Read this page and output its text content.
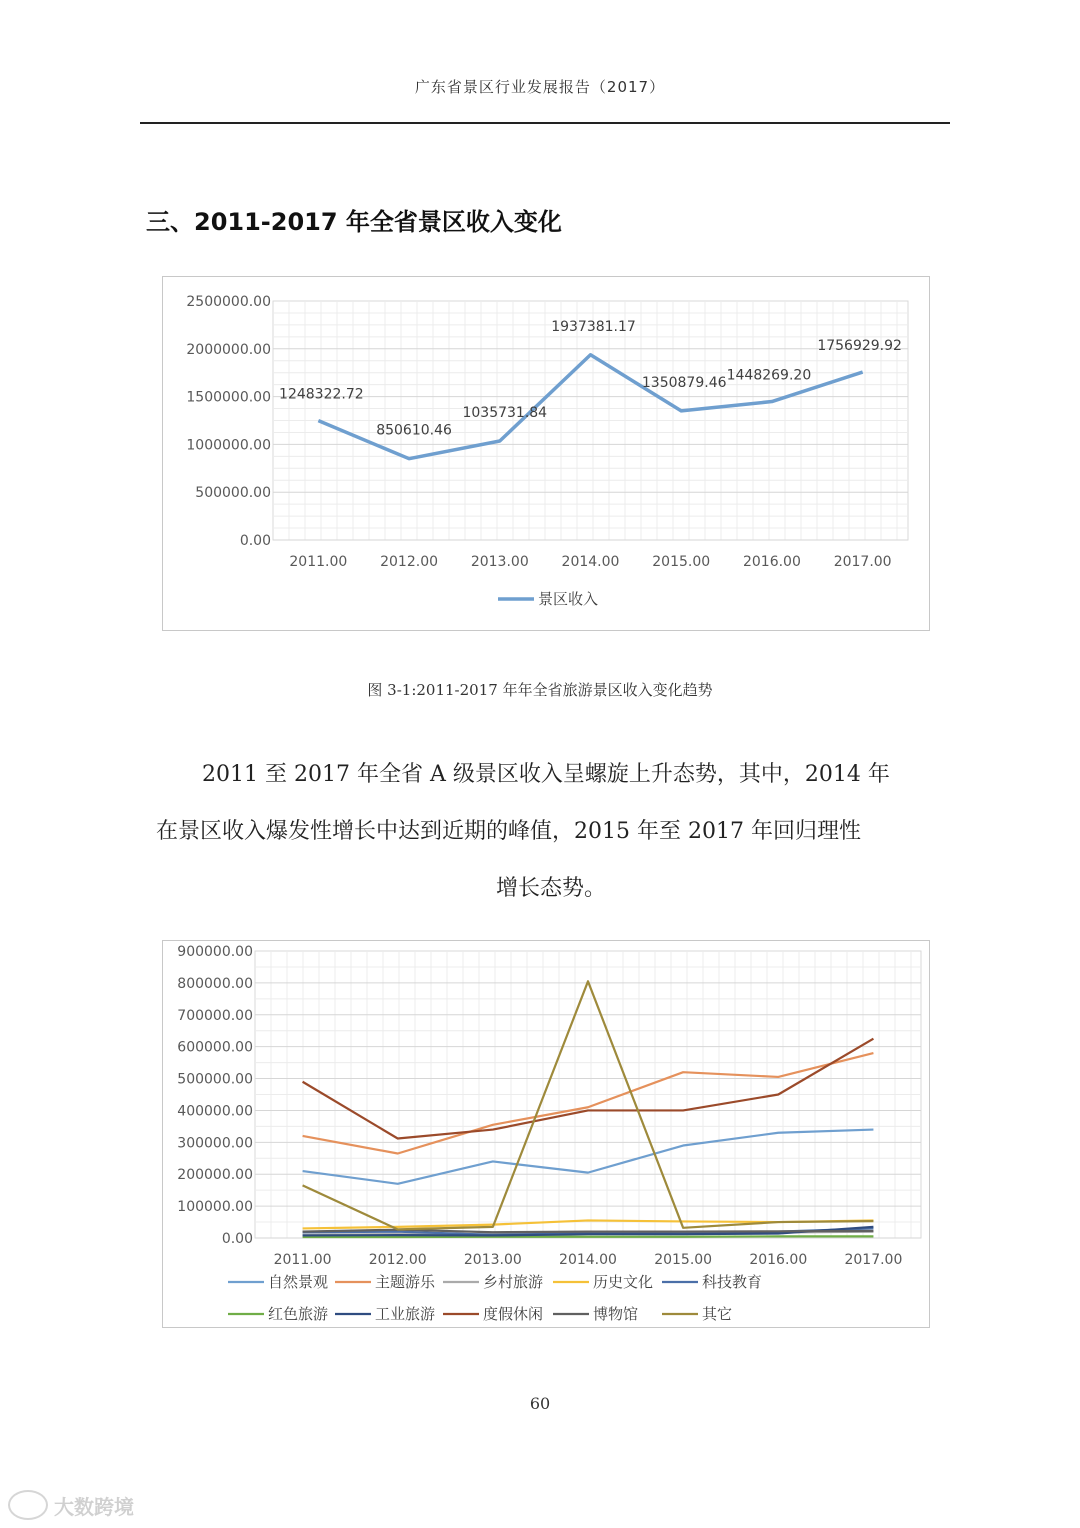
广东省景区行业发展报告（2017）
三、2011-2017 年全省景区收入变化
0.00
500000.00
1000000.00
1500000.00
2000000.00
2500000.00
2011.00 2012.00 2013.00 2014.00 2015.00 2016.00 2017.00
1248322.72
850610.46
1035731.84
1937381.17
1350879.46 1448269.20
1756929.92
景区收入
图 3-1:2011-2017 年年全省旅游景区收入变化趋势
2011 至 2017 年全省 A 级景区收入呈螺旋上升态势，其中，2014 年
在景区收入爆发性增长中达到近期的峰值，2015 年至 2017 年回归理性
增长态势。
0.00
100000.00
200000.00
300000.00
400000.00
500000.00
600000.00
700000.00
800000.00
900000.00
2011.00	2012.00	2013.00	2014.00	2015.00	2016.00	2017.00
自然景观	主题游乐	乡村旅游	历史文化	科技教育
红色旅游	工业旅游	度假休闲	博物馆	其它
60
大数跨境
